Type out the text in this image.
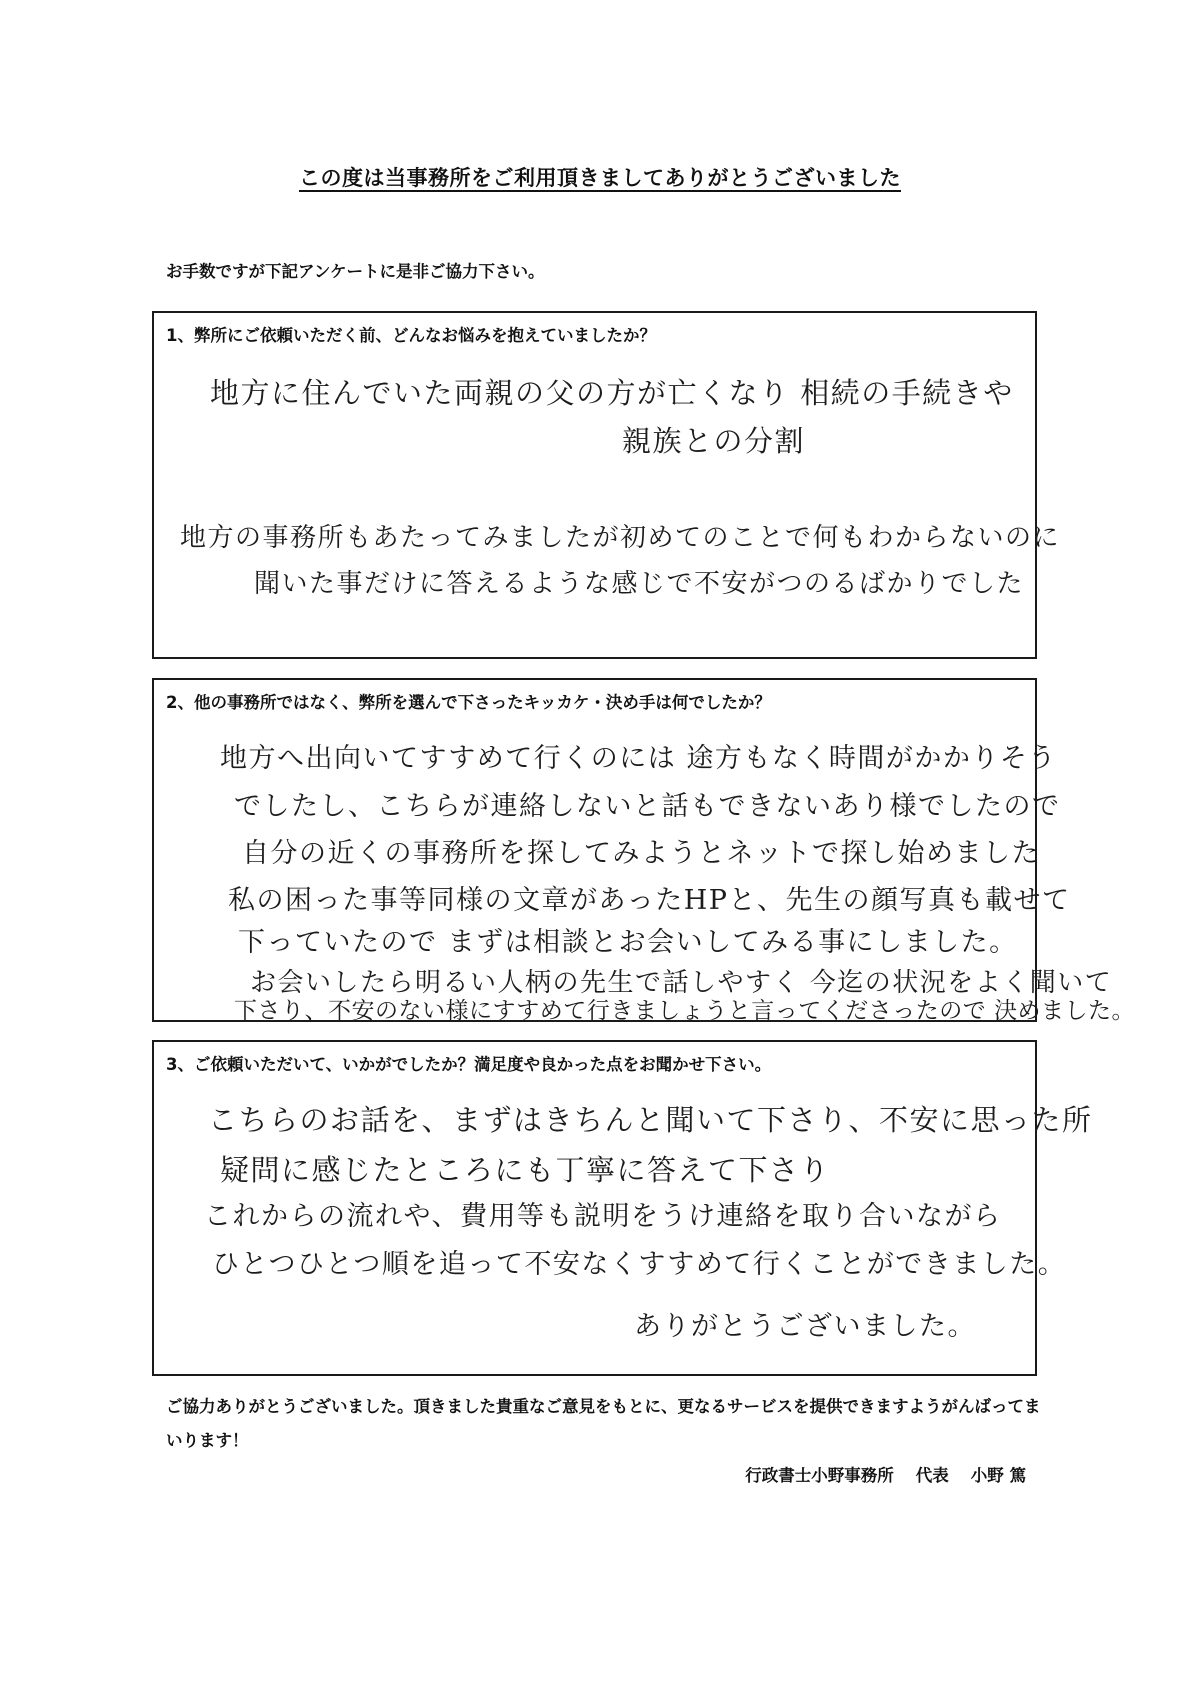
この度は当事務所をご利用頂きましてありがとうございました
お手数ですが下記アンケートに是非ご協力下さい。
1、弊所にご依頼いただく前、どんなお悩みを抱えていましたか？
地方に住んでいた両親の父の方が亡くなり 相続の手続きや
親族との分割
地方の事務所もあたってみましたが初めてのことで何もわからないのに
聞いた事だけに答えるような感じで不安がつのるばかりでした
2、他の事務所ではなく、弊所を選んで下さったキッカケ・決め手は何でしたか？
地方へ出向いてすすめて行くのには 途方もなく時間がかかりそう
でしたし、こちらが連絡しないと話もできないあり様でしたので
自分の近くの事務所を探してみようとネットで探し始めました
私の困った事等同様の文章があったHPと、先生の顔写真も載せて
下っていたので まずは相談とお会いしてみる事にしました。
お会いしたら明るい人柄の先生で話しやすく 今迄の状況をよく聞いて
下さり、不安のない様にすすめて行きましょうと言ってくださったので 決めました。
3、ご依頼いただいて、いかがでしたか？満足度や良かった点をお聞かせ下さい。
こちらのお話を、まずはきちんと聞いて下さり、不安に思った所
疑問に感じたところにも丁寧に答えて下さり
これからの流れや、費用等も説明をうけ連絡を取り合いながら
ひとつひとつ順を追って不安なくすすめて行くことができました。
ありがとうございました。
ご協力ありがとうございました。頂きました貴重なご意見をもとに、更なるサービスを提供できますようがんばってまいります！
行政書士小野事務所 代表 小野 篤
